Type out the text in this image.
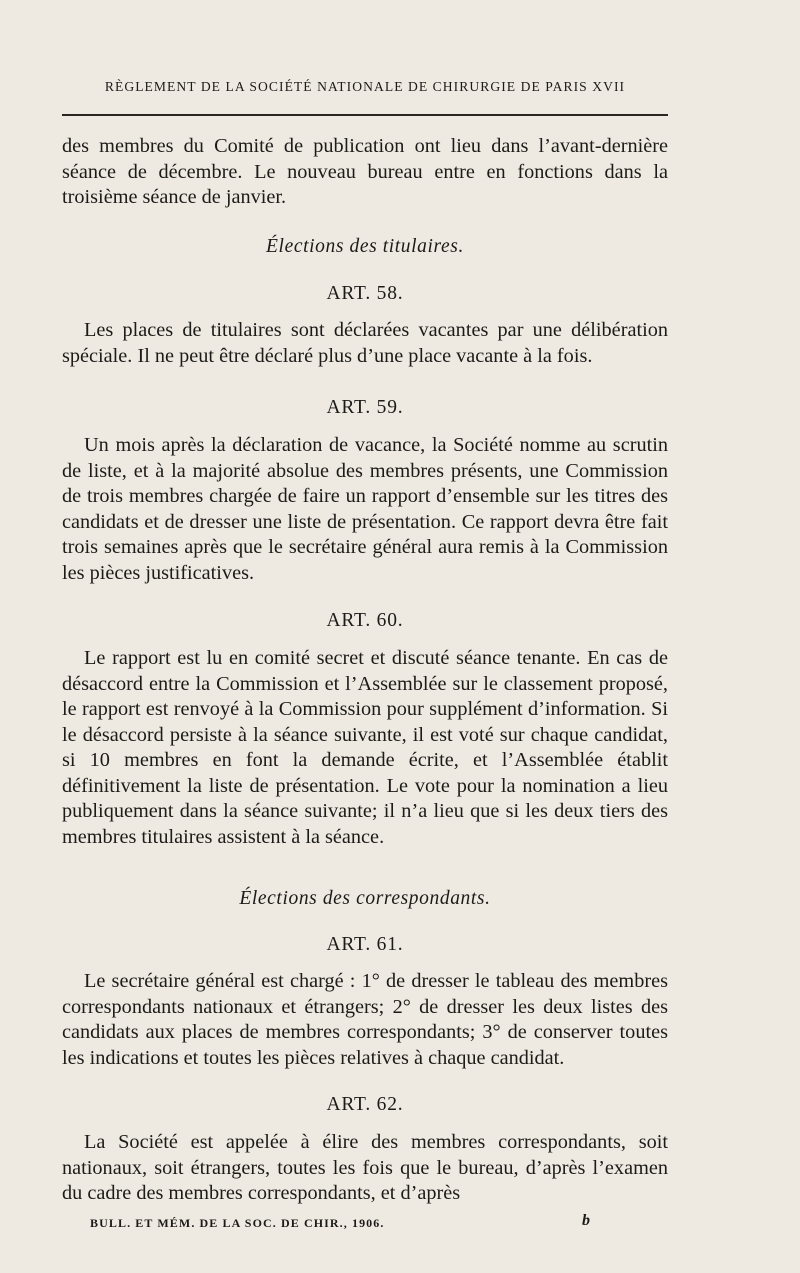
RÈGLEMENT DE LA SOCIÉTÉ NATIONALE DE CHIRURGIE DE PARIS XVII

des membres du Comité de publication ont lieu dans l’avant-dernière séance de décembre. Le nouveau bureau entre en fonctions dans la troisième séance de janvier.

Élections des titulaires.

ART. 58.

Les places de titulaires sont déclarées vacantes par une délibération spéciale. Il ne peut être déclaré plus d’une place vacante à la fois.

ART. 59.

Un mois après la déclaration de vacance, la Société nomme au scrutin de liste, et à la majorité absolue des membres présents, une Commission de trois membres chargée de faire un rapport d’ensemble sur les titres des candidats et de dresser une liste de présentation. Ce rapport devra être fait trois semaines après que le secrétaire général aura remis à la Commission les pièces justificatives.

ART. 60.

Le rapport est lu en comité secret et discuté séance tenante. En cas de désaccord entre la Commission et l’Assemblée sur le classement proposé, le rapport est renvoyé à la Commission pour supplément d’information. Si le désaccord persiste à la séance suivante, il est voté sur chaque candidat, si 10 membres en font la demande écrite, et l’Assemblée établit définitivement la liste de présentation. Le vote pour la nomination a lieu publiquement dans la séance suivante; il n’a lieu que si les deux tiers des membres titulaires assistent à la séance.

Élections des correspondants.

ART. 61.

Le secrétaire général est chargé : 1° de dresser le tableau des membres correspondants nationaux et étrangers; 2° de dresser les deux listes des candidats aux places de membres correspondants; 3° de conserver toutes les indications et toutes les pièces relatives à chaque candidat.

ART. 62.

La Société est appelée à élire des membres correspondants, soit nationaux, soit étrangers, toutes les fois que le bureau, d’après l’examen du cadre des membres correspondants, et d’après

BULL. ET MÉM. DE LA SOC. DE CHIR., 1906.	b
